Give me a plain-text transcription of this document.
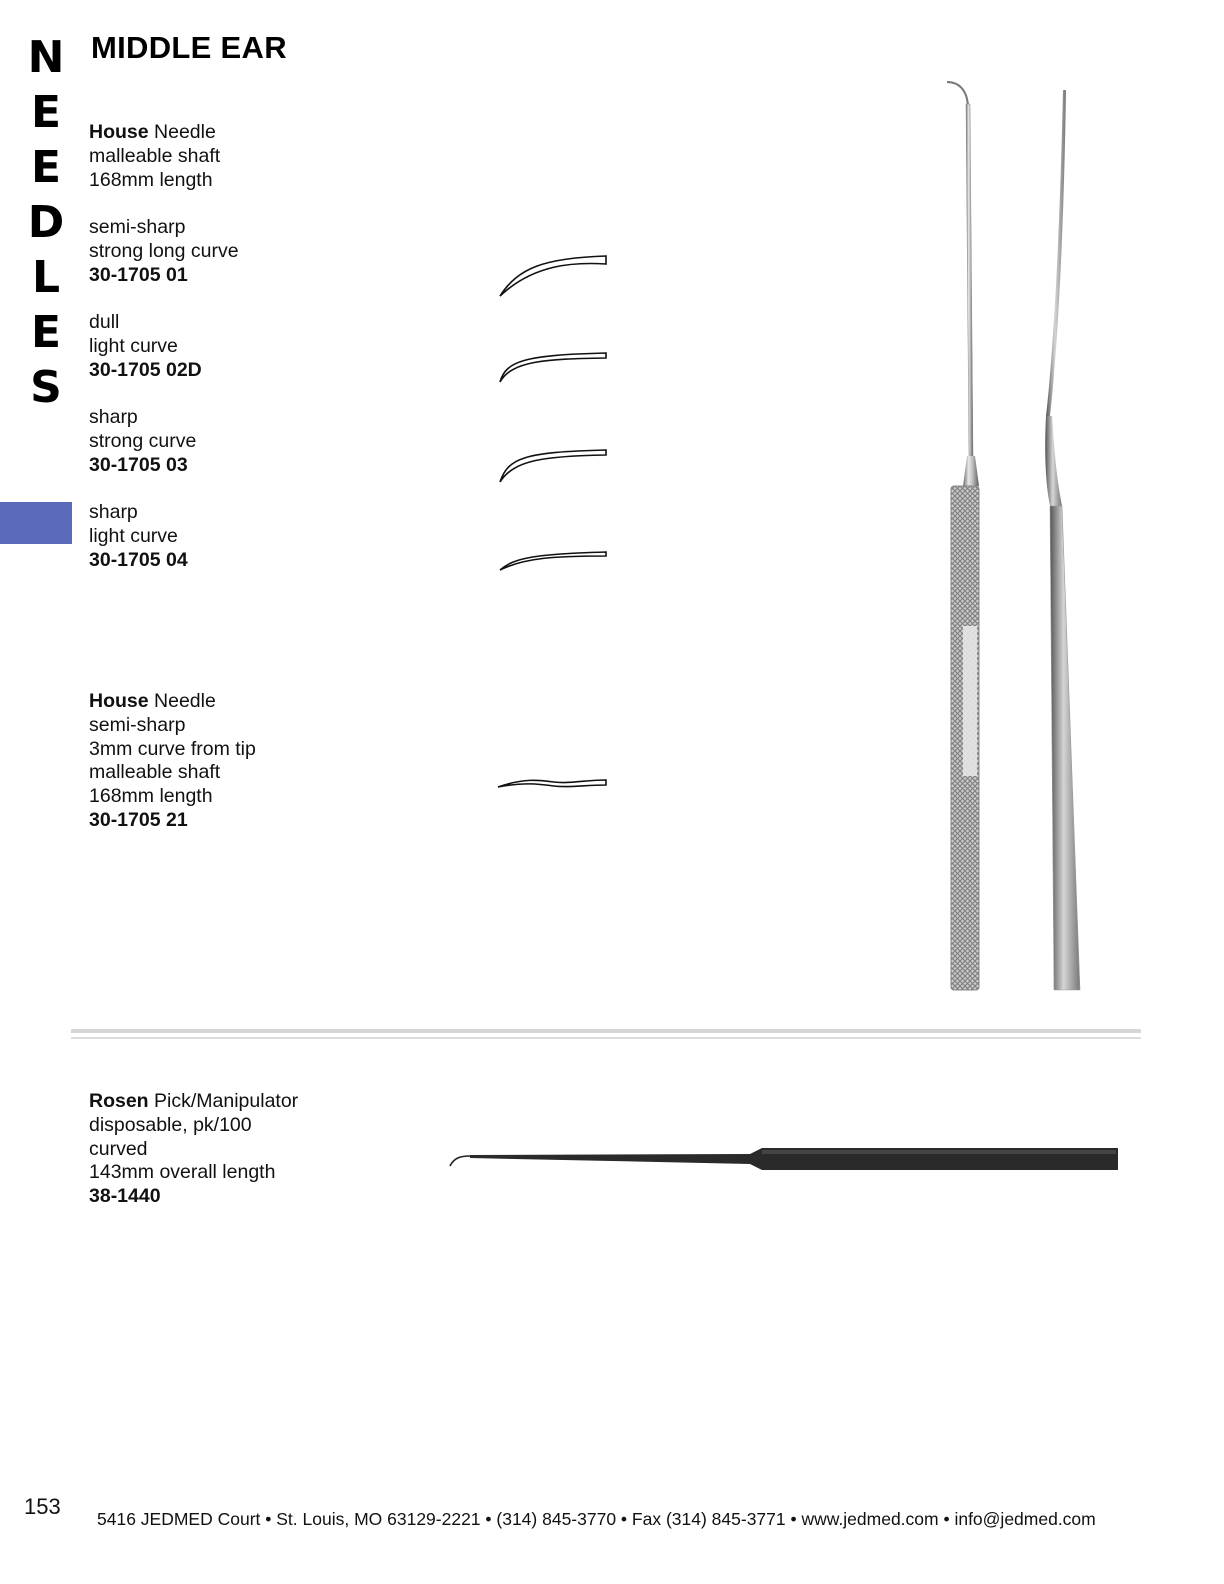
N
E
E
D
L
E
S
MIDDLE EAR
House Needle
malleable shaft
168mm length
semi-sharp
strong long curve
30-1705 01
dull
light curve
30-1705 02D
sharp
strong curve
30-1705 03
sharp
light curve
30-1705 04
House Needle
semi-sharp
3mm curve from tip
malleable shaft
168mm length
30-1705 21
Rosen Pick/Manipulator
disposable, pk/100
curved
143mm overall length
38-1440
153 5416 JEDMED Court • St. Louis, MO 63129-2221 • (314) 845-3770 • Fax (314) 845-3771 • www.jedmed.com • info@jedmed.com
